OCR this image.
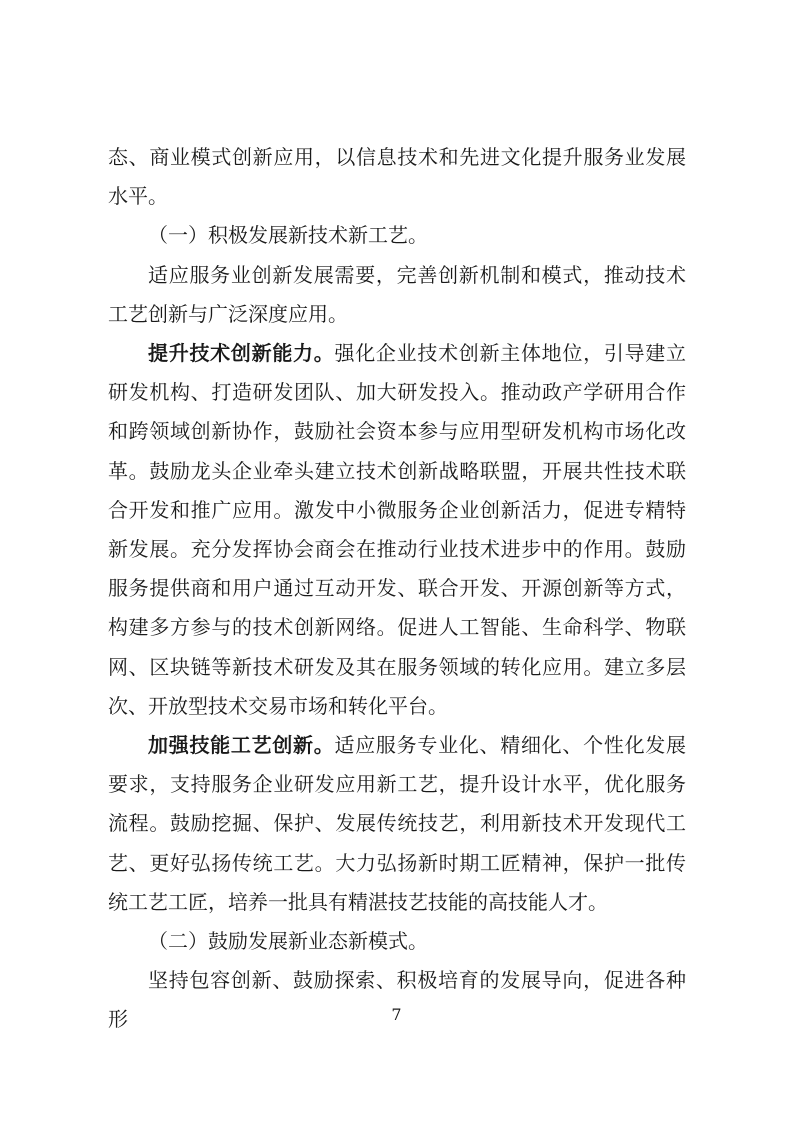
态、商业模式创新应用，以信息技术和先进文化提升服务业发展水平。

（一）积极发展新技术新工艺。

适应服务业创新发展需要，完善创新机制和模式，推动技术工艺创新与广泛深度应用。

提升技术创新能力。强化企业技术创新主体地位，引导建立研发机构、打造研发团队、加大研发投入。推动政产学研用合作和跨领域创新协作，鼓励社会资本参与应用型研发机构市场化改革。鼓励龙头企业牵头建立技术创新战略联盟，开展共性技术联合开发和推广应用。激发中小微服务企业创新活力，促进专精特新发展。充分发挥协会商会在推动行业技术进步中的作用。鼓励服务提供商和用户通过互动开发、联合开发、开源创新等方式，构建多方参与的技术创新网络。促进人工智能、生命科学、物联网、区块链等新技术研发及其在服务领域的转化应用。建立多层次、开放型技术交易市场和转化平台。

加强技能工艺创新。适应服务专业化、精细化、个性化发展要求，支持服务企业研发应用新工艺，提升设计水平，优化服务流程。鼓励挖掘、保护、发展传统技艺，利用新技术开发现代工艺、更好弘扬传统工艺。大力弘扬新时期工匠精神，保护一批传统工艺工匠，培养一批具有精湛技艺技能的高技能人才。

（二）鼓励发展新业态新模式。

坚持包容创新、鼓励探索、积极培育的发展导向，促进各种形	7
